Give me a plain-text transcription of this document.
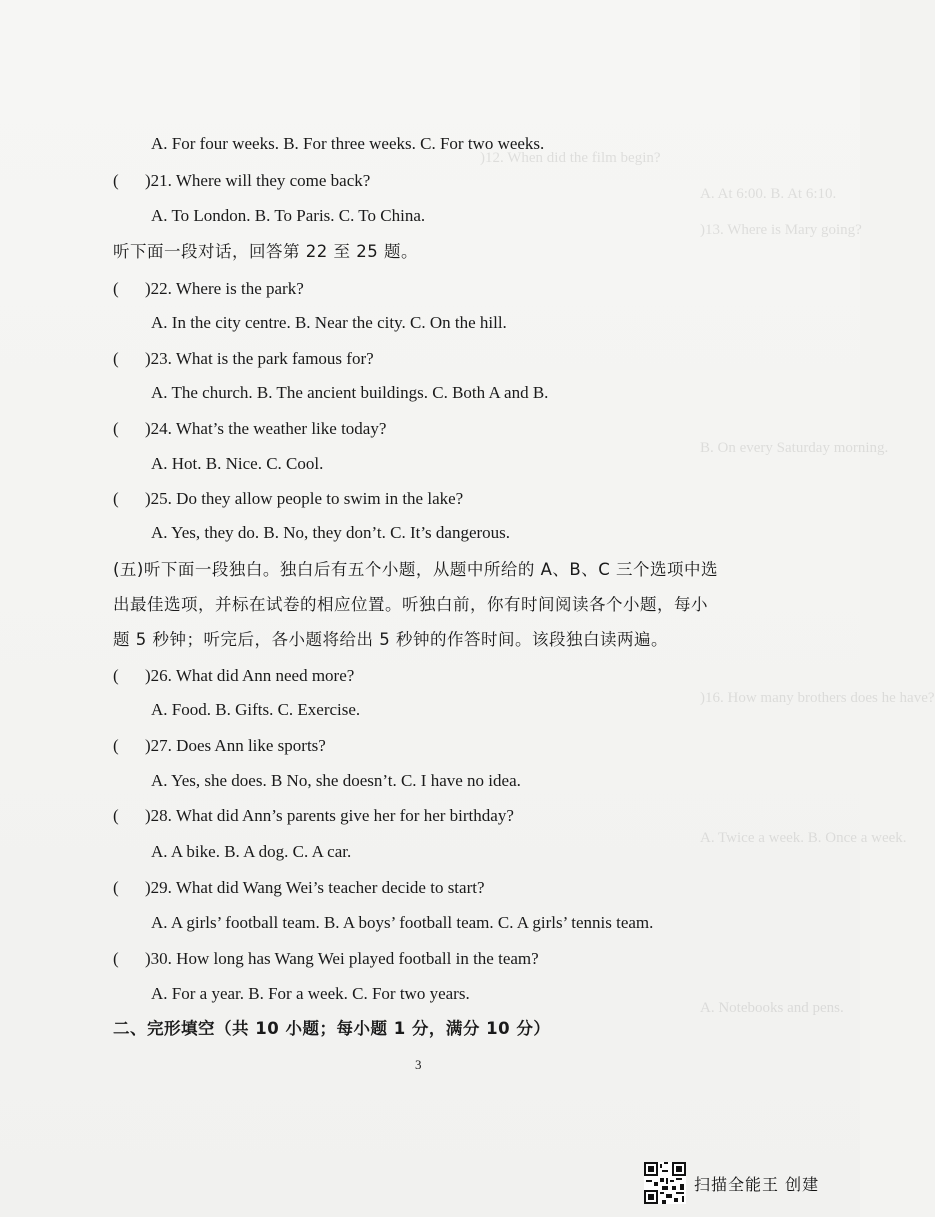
)12. When did the film begin?
A. At 6:00. B. At 6:10.
)13. Where is Mary going?
B. On every Saturday morning.
)16. How many brothers does he have?
A. Twice a week. B. Once a week.
A. Notebooks and pens.
A. For four weeks. B. For three weeks. C. For two weeks.
( )21. Where will they come back?
A. To London. B. To Paris. C. To China.
听下面一段对话，回答第 22 至 25 题。
( )22. Where is the park?
A. In the city centre. B. Near the city. C. On the hill.
( )23. What is the park famous for?
A. The church. B. The ancient buildings. C. Both A and B.
( )24. What’s the weather like today?
A. Hot. B. Nice. C. Cool.
( )25. Do they allow people to swim in the lake?
A. Yes, they do. B. No, they don’t. C. It’s dangerous.
(五)听下面一段独白。独白后有五个小题，从题中所给的 A、B、C 三个选项中选
出最佳选项，并标在试卷的相应位置。听独白前，你有时间阅读各个小题，每小
题 5 秒钟；听完后，各小题将给出 5 秒钟的作答时间。该段独白读两遍。
( )26. What did Ann need more?
A. Food. B. Gifts. C. Exercise.
( )27. Does Ann like sports?
A. Yes, she does. B No, she doesn’t. C. I have no idea.
( )28. What did Ann’s parents give her for her birthday?
A. A bike. B. A dog. C. A car.
( )29. What did Wang Wei’s teacher decide to start?
A. A girls’ football team. B. A boys’ football team. C. A girls’ tennis team.
( )30. How long has Wang Wei played football in the team?
A. For a year. B. For a week. C. For two years.
二、完形填空（共 10 小题；每小题 1 分，满分 10 分）
3
扫描全能王 创建
